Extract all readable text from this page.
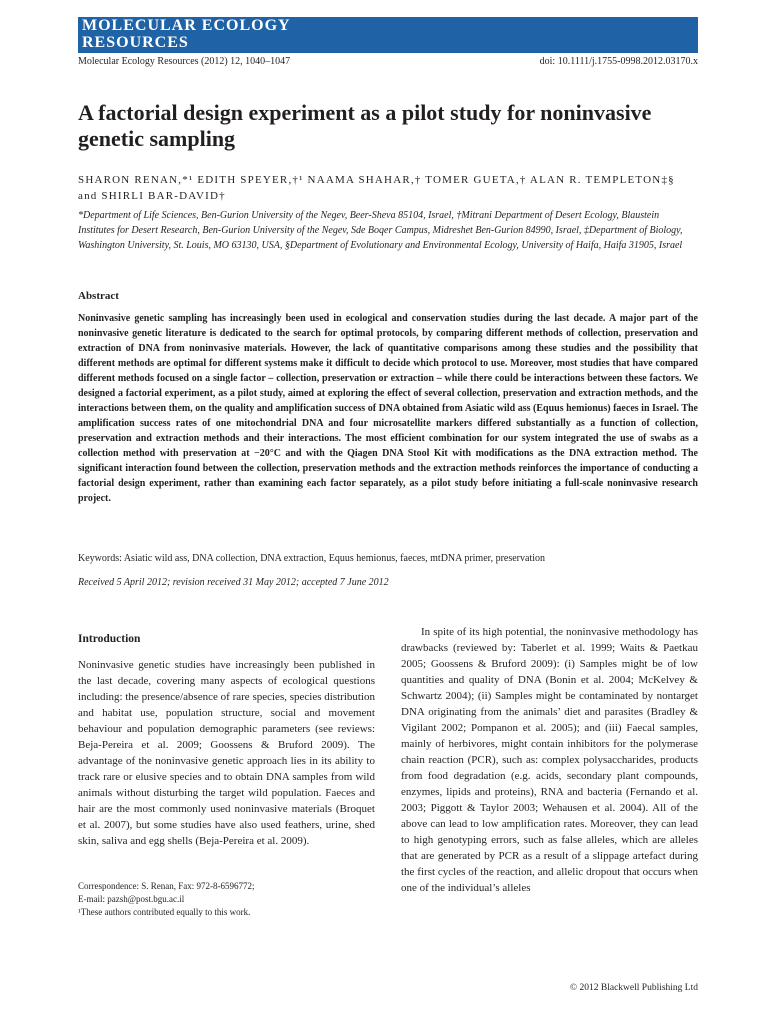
MOLECULAR ECOLOGY
RESOURCES
Molecular Ecology Resources (2012) 12, 1040–1047	doi: 10.1111/j.1755-0998.2012.03170.x
A factorial design experiment as a pilot study for noninvasive genetic sampling
SHARON RENAN,*¹ EDITH SPEYER,†¹ NAAMA SHAHAR,† TOMER GUETA,† ALAN R. TEMPLETON‡§ and SHIRLI BAR-DAVID†
*Department of Life Sciences, Ben-Gurion University of the Negev, Beer-Sheva 85104, Israel, †Mitrani Department of Desert Ecology, Blaustein Institutes for Desert Research, Ben-Gurion University of the Negev, Sde Boqer Campus, Midreshet Ben-Gurion 84990, Israel, ‡Department of Biology, Washington University, St. Louis, MO 63130, USA, §Department of Evolutionary and Environmental Ecology, University of Haifa, Haifa 31905, Israel
Abstract
Noninvasive genetic sampling has increasingly been used in ecological and conservation studies during the last decade. A major part of the noninvasive genetic literature is dedicated to the search for optimal protocols, by comparing different methods of collection, preservation and extraction of DNA from noninvasive materials. However, the lack of quantitative comparisons among these studies and the possibility that different methods are optimal for different systems make it difficult to decide which protocol to use. Moreover, most studies that have compared different methods focused on a single factor – collection, preservation or extraction – while there could be interactions between these factors. We designed a factorial experiment, as a pilot study, aimed at exploring the effect of several collection, preservation and extraction methods, and the interactions between them, on the quality and amplification success of DNA obtained from Asiatic wild ass (Equus hemionus) faeces in Israel. The amplification success rates of one mitochondrial DNA and four microsatellite markers differed substantially as a function of collection, preservation and extraction methods and their interactions. The most efficient combination for our system integrated the use of swabs as a collection method with preservation at −20°C and with the Qiagen DNA Stool Kit with modifications as the DNA extraction method. The significant interaction found between the collection, preservation methods and the extraction methods reinforces the importance of conducting a factorial design experiment, rather than examining each factor separately, as a pilot study before initiating a full-scale noninvasive research project.
Keywords: Asiatic wild ass, DNA collection, DNA extraction, Equus hemionus, faeces, mtDNA primer, preservation
Received 5 April 2012; revision received 31 May 2012; accepted 7 June 2012
Introduction
Noninvasive genetic studies have increasingly been published in the last decade, covering many aspects of ecological questions including: the presence/absence of rare species, species distribution and habitat use, population structure, social and movement behaviour and population demographic parameters (see reviews: Beja-Pereira et al. 2009; Goossens & Bruford 2009). The advantage of the noninvasive genetic approach lies in its ability to track rare or elusive species and to obtain DNA samples from wild animals without disturbing the target wild population. Faeces and hair are the most commonly used noninvasive materials (Broquet et al. 2007), but some studies have also used feathers, urine, shed skin, saliva and egg shells (Beja-Pereira et al. 2009).
In spite of its high potential, the noninvasive methodology has drawbacks (reviewed by: Taberlet et al. 1999; Waits & Paetkau 2005; Goossens & Bruford 2009): (i) Samples might be of low quantities and quality of DNA (Bonin et al. 2004; McKelvey & Schwartz 2004); (ii) Samples might be contaminated by nontarget DNA originating from the animals’ diet and parasites (Bradley & Vigilant 2002; Pompanon et al. 2005); and (iii) Faecal samples, mainly of herbivores, might contain inhibitors for the polymerase chain reaction (PCR), such as: complex polysaccharides, products from food degradation (e.g. acids, secondary plant compounds, enzymes, lipids and proteins), RNA and bacteria (Fernando et al. 2003; Piggott & Taylor 2003; Wehausen et al. 2004). All of the above can lead to low amplification rates. Moreover, they can lead to high genotyping errors, such as false alleles, which are alleles that are generated by PCR as a result of a slippage artefact during the first cycles of the reaction, and allelic dropout that occurs when one of the individual’s alleles
Correspondence: S. Renan, Fax: 972-8-6596772;
E-mail: pazsh@post.bgu.ac.il
¹These authors contributed equally to this work.
© 2012 Blackwell Publishing Ltd
